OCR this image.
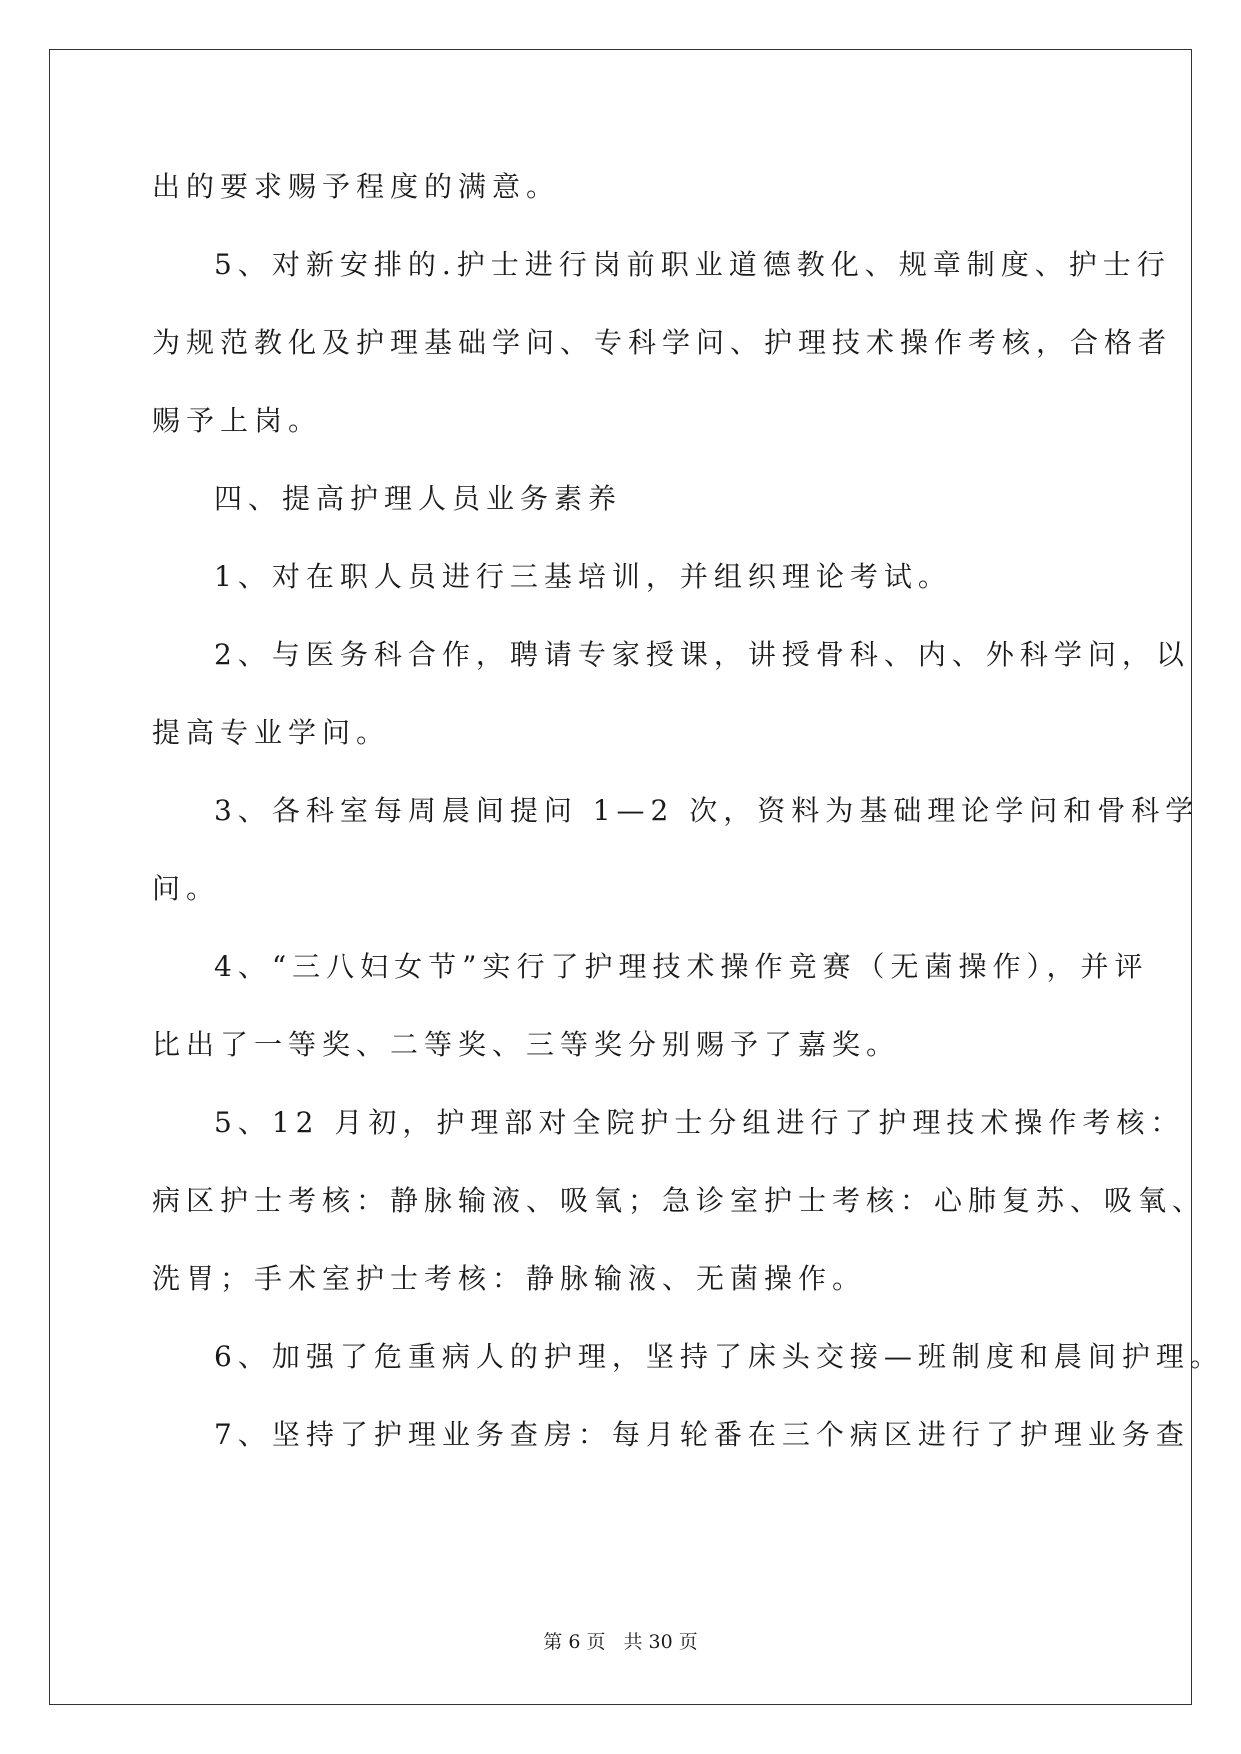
出的要求赐予程度的满意。
5、对新安排的.护士进行岗前职业道德教化、规章制度、护士行
为规范教化及护理基础学问、专科学问、护理技术操作考核，合格者
赐予上岗。
四、提高护理人员业务素养
1、对在职人员进行三基培训，并组织理论考试。
2、与医务科合作，聘请专家授课，讲授骨科、内、外科学问，以
提高专业学问。
3、各科室每周晨间提问 1—2 次，资料为基础理论学问和骨科学
问。
4、“三八妇女节”实行了护理技术操作竞赛（无菌操作），并评
比出了一等奖、二等奖、三等奖分别赐予了嘉奖。
5、12 月初，护理部对全院护士分组进行了护理技术操作考核：
病区护士考核：静脉输液、吸氧；急诊室护士考核：心肺复苏、吸氧、
洗胃；手术室护士考核：静脉输液、无菌操作。
6、加强了危重病人的护理，坚持了床头交接—班制度和晨间护理。
7、坚持了护理业务查房：每月轮番在三个病区进行了护理业务查
第 6 页 共 30 页
